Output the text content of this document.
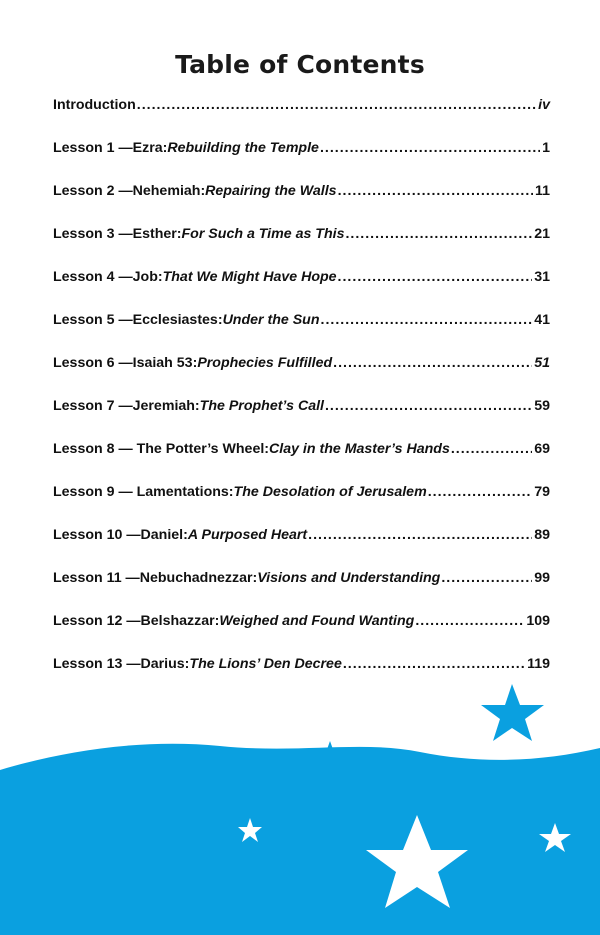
Table of Contents
Introduction .....	iv
Lesson 1 —Ezra: Rebuilding the Temple .....	1
Lesson 2 —Nehemiah: Repairing the Walls .....	11
Lesson 3 —Esther: For Such a Time as This .....	21
Lesson 4 —Job: That We Might Have Hope .....	31
Lesson 5 —Ecclesiastes: Under the Sun .....	41
Lesson 6 —Isaiah 53: Prophecies Fulfilled .....	51
Lesson 7 —Jeremiah: The Prophet’s Call .....	59
Lesson 8 — The Potter’s Wheel: Clay in the Master’s Hands .....	69
Lesson 9 — Lamentations: The Desolation of Jerusalem .....	79
Lesson 10 —Daniel: A Purposed Heart .....	89
Lesson 11 —Nebuchadnezzar: Visions and Understanding .....	99
Lesson 12 —Belshazzar: Weighed and Found Wanting .....	109
Lesson 13 —Darius: The Lions’ Den Decree .....	119
